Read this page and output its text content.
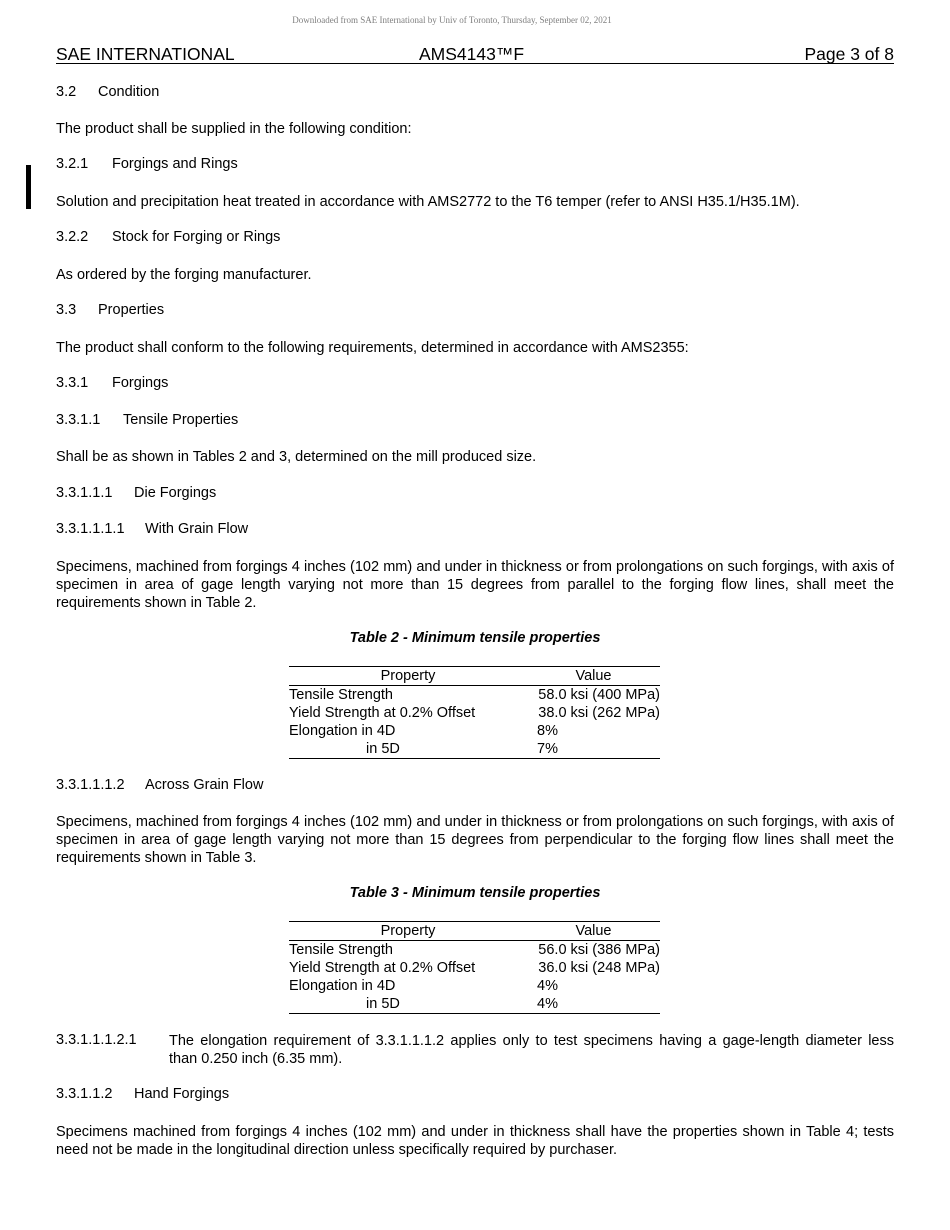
Downloaded from SAE International by Univ of Toronto, Thursday, September 02, 2021
SAE INTERNATIONAL	AMS4143™F	Page 3 of 8
3.2 Condition
The product shall be supplied in the following condition:
3.2.1 Forgings and Rings
Solution and precipitation heat treated in accordance with AMS2772 to the T6 temper (refer to ANSI H35.1/H35.1M).
3.2.2 Stock for Forging or Rings
As ordered by the forging manufacturer.
3.3 Properties
The product shall conform to the following requirements, determined in accordance with AMS2355:
3.3.1 Forgings
3.3.1.1 Tensile Properties
Shall be as shown in Tables 2 and 3, determined on the mill produced size.
3.3.1.1.1 Die Forgings
3.3.1.1.1.1 With Grain Flow
Specimens, machined from forgings 4 inches (102 mm) and under in thickness or from prolongations on such forgings, with axis of specimen in area of gage length varying not more than 15 degrees from parallel to the forging flow lines, shall meet the requirements shown in Table 2.
Table 2 - Minimum tensile properties
Property	Value
Tensile Strength	58.0 ksi (400 MPa)
Yield Strength at 0.2% Offset	38.0 ksi (262 MPa)
Elongation in 4D	8%
in 5D	7%
3.3.1.1.1.2 Across Grain Flow
Specimens, machined from forgings 4 inches (102 mm) and under in thickness or from prolongations on such forgings, with axis of specimen in area of gage length varying not more than 15 degrees from perpendicular to the forging flow lines shall meet the requirements shown in Table 3.
Table 3 - Minimum tensile properties
Property	Value
Tensile Strength	56.0 ksi (386 MPa)
Yield Strength at 0.2% Offset	36.0 ksi (248 MPa)
Elongation in 4D	4%
in 5D	4%
3.3.1.1.1.2.1 The elongation requirement of 3.3.1.1.1.2 applies only to test specimens having a gage-length diameter less than 0.250 inch (6.35 mm).
3.3.1.1.2 Hand Forgings
Specimens machined from forgings 4 inches (102 mm) and under in thickness shall have the properties shown in Table 4; tests need not be made in the longitudinal direction unless specifically required by purchaser.
